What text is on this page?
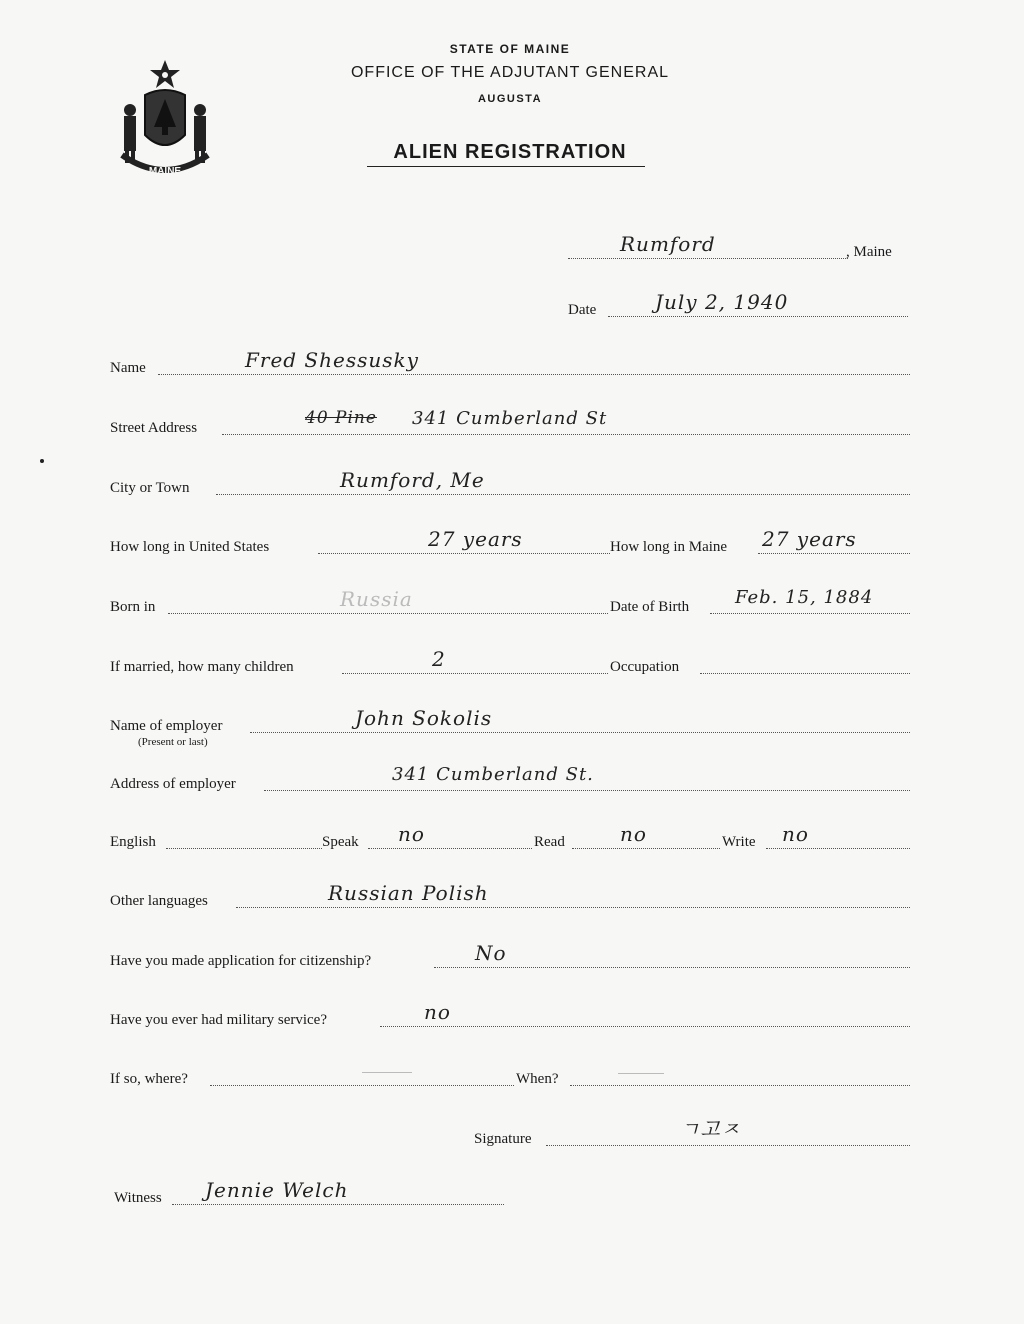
MAINE
STATE OF MAINE
OFFICE OF THE ADJUTANT GENERAL
AUGUSTA
ALIEN REGISTRATION
Rumford	, Maine
Date	July 2, 1940
Name	Fred Shessusky
Street Address	40 Pine 341 Cumberland St
City or Town	Rumford, Me
How long in United States	27 years	How long in Maine 27 years
Born in	Russia	Date of Birth	Feb. 15, 1884
If married, how many children	2	Occupation
Name of employer
(Present or last)
John Sokolis
Address of employer	341 Cumberland St.
English	Speak no	Read	no	Write no
Other languages	Russian Polish
Have you made application for citizenship?	No
Have you ever had military service?	no
If so, where?	When?
Signature	ㄱ고ㅈ
Witness Jennie Welch
